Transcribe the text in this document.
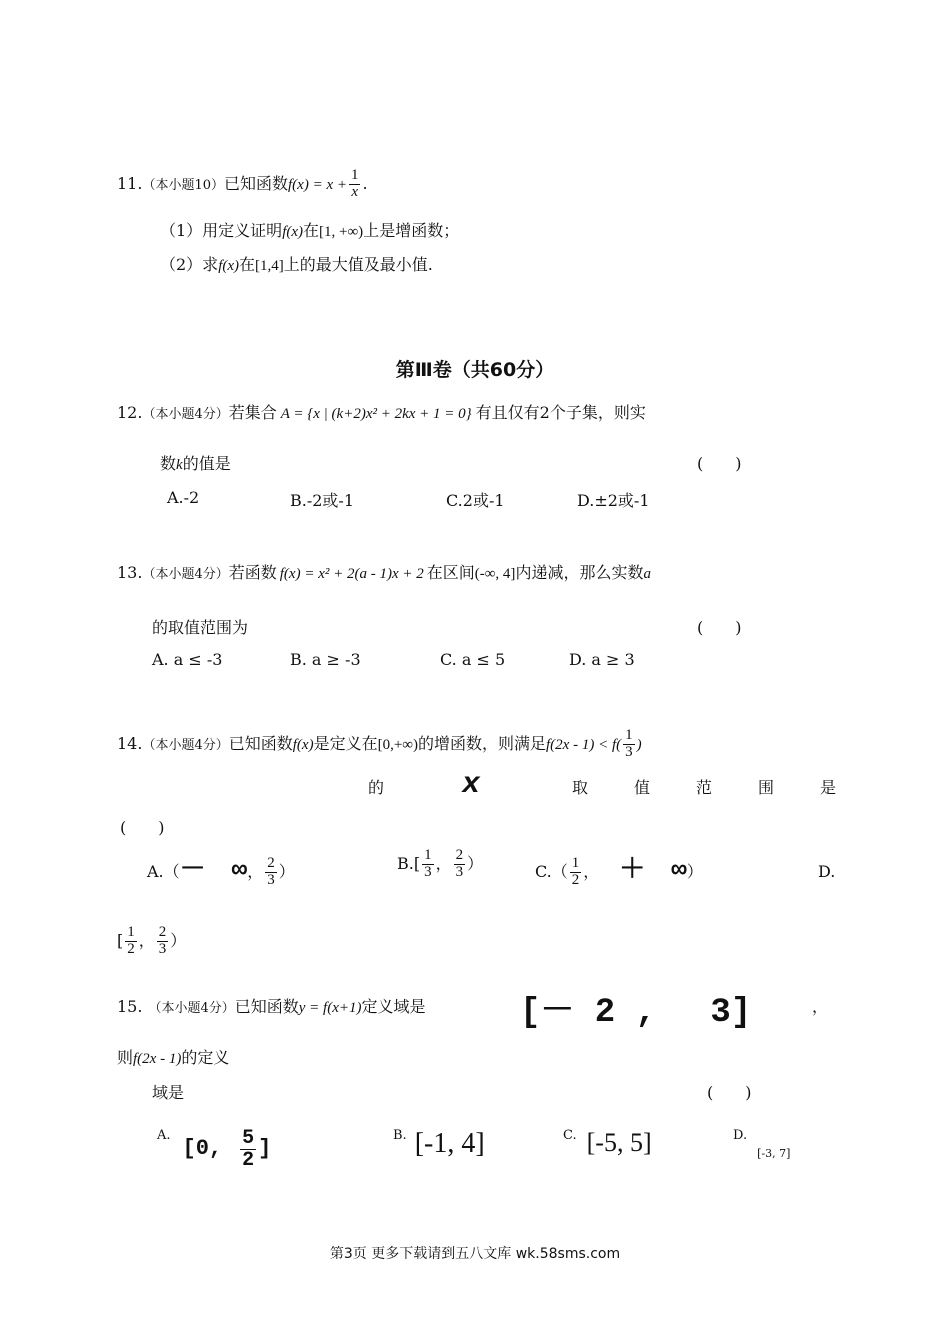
11.（本小题10）已知函数$f(x) = x + \frac{1}{x}$ .
（1）用定义证明f(x)在[1, +∞)上是增函数；
（2）求f(x)在[1,4]上的最大值及最小值.
第Ⅲ卷（共60分）
12.（本小题4分）若集合 A = {x | (k+2)x² + 2kx + 1 = 0} 有且仅有2个子集，则实
数k的值是	(　　)
A.-2	B.-2或-1	C.2或-1	D.±2或-1
13.（本小题4分）若函数 f(x) = x² + 2(a - 1)x + 2 在区间(-∞, 4]内递减，那么实数a
的取值范围为	(　　)
A. a ≤ -3	B. a ≥ -3	C. a ≤ 5	D. a ≥ 3
14.（本小题4分）已知函数f(x)是定义在[0,+∞)的增函数，则满足$f(2x - 1) < f( \frac{1}{3}$ )
的	x	取	值	范	围	是
(　　)
A.（－　∞， $\frac{2}{3}$ ）	$B.[ \frac{1}{3}$ ， $\frac{2}{3}$ ）	$C.( \frac{1}{2}$ ， ＋　∞）	D.
[ $\frac{1}{2}$ ， $\frac{2}{3}$ ）
15. （本小题4分）已知函数y = f(x+1)定义域是	[－ 2 ,　 3]	，
则f(2x - 1)的定义
域是	(　　)
$^{A.}$[0, $\frac{5}{2}$ ]
$^{B.}$ [-1, 4]	$^{C.}$ [-5, 5]	$^{D.}_{[-3, 7]}$
第3页 更多下载请到五八文库 wk.58sms.com
